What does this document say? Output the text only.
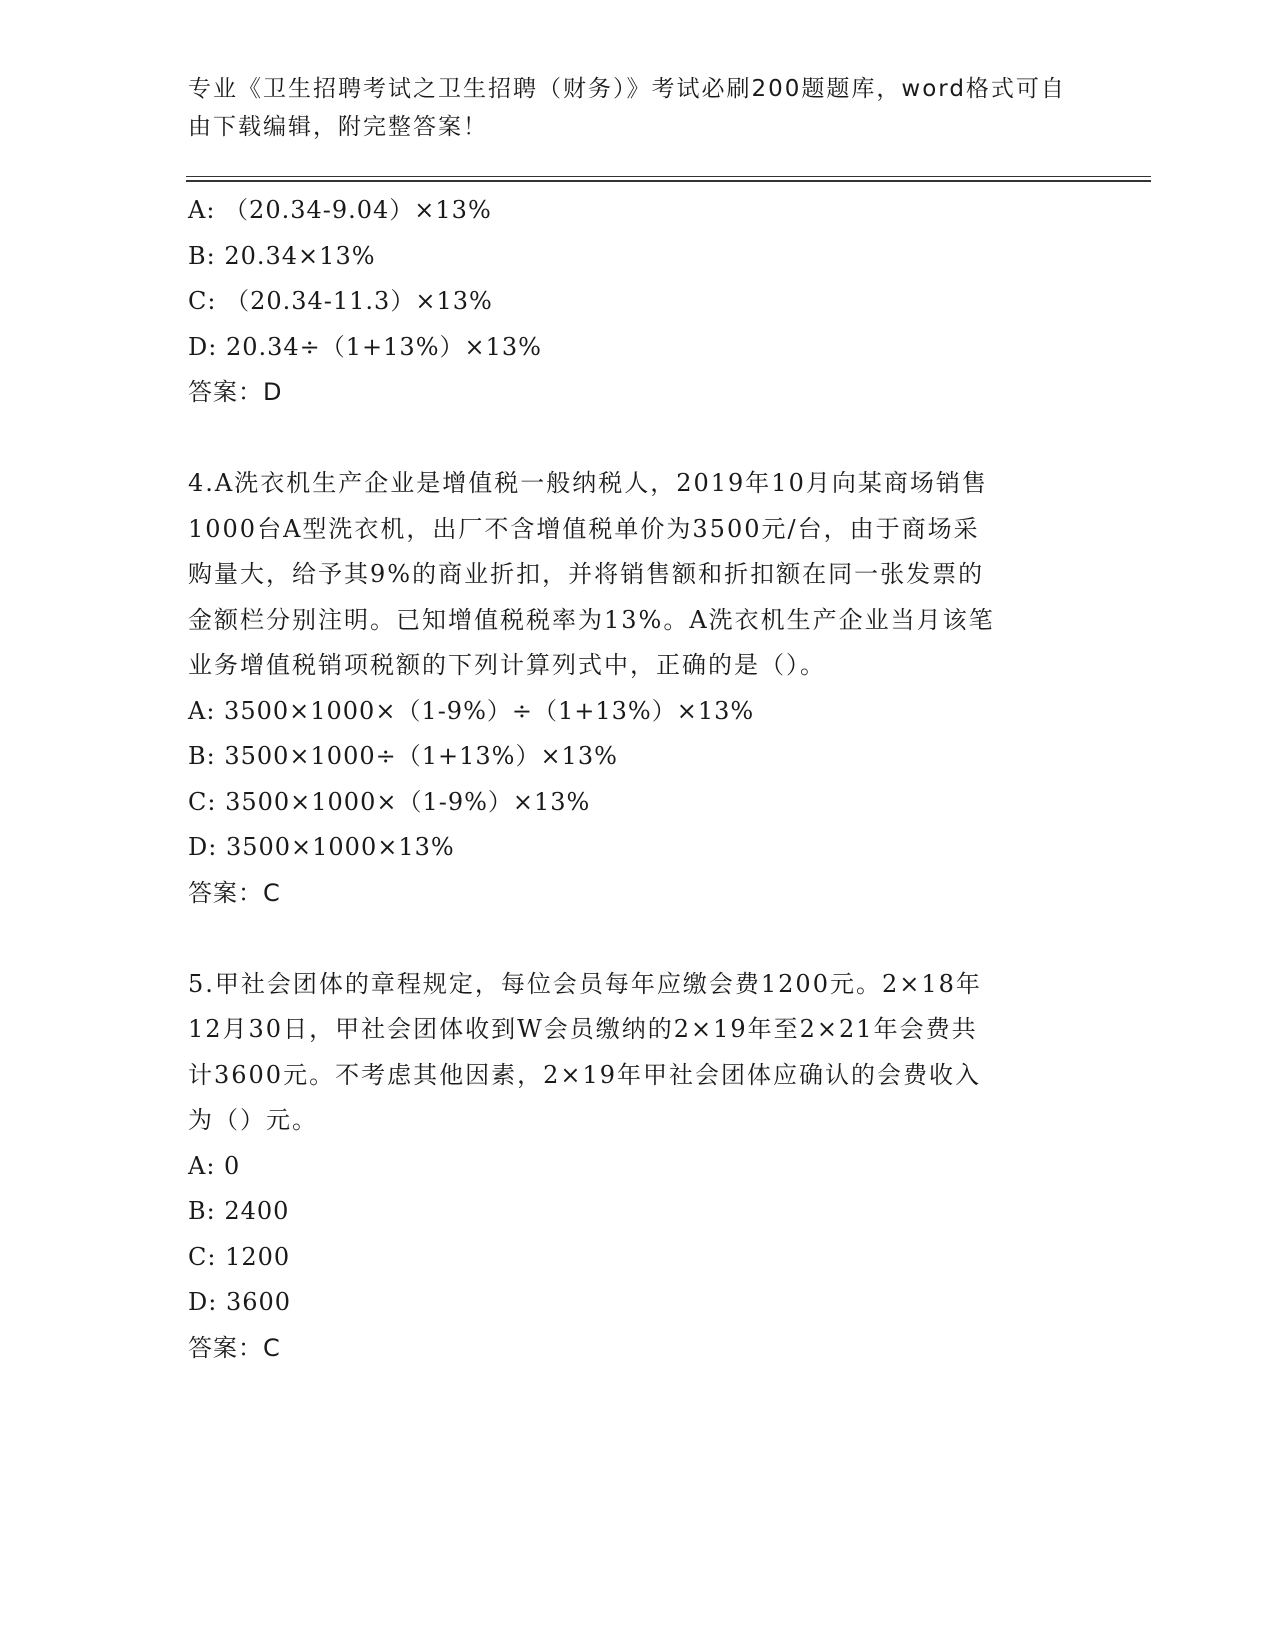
专业《卫生招聘考试之卫生招聘（财务）》考试必刷200题题库，word格式可自
由下载编辑，附完整答案！
A: （20.34-9.04）×13%
B: 20.34×13%
C: （20.34-11.3）×13%
D: 20.34÷（1+13%）×13%
答案：D
4.A洗衣机生产企业是增值税一般纳税人，2019年10月向某商场销售
1000台A型洗衣机，出厂不含增值税单价为3500元/台，由于商场采
购量大，给予其9%的商业折扣，并将销售额和折扣额在同一张发票的
金额栏分别注明。已知增值税税率为13%。A洗衣机生产企业当月该笔
业务增值税销项税额的下列计算列式中，正确的是（）。
A: 3500×1000×（1-9%）÷（1+13%）×13%
B: 3500×1000÷（1+13%）×13%
C: 3500×1000×（1-9%）×13%
D: 3500×1000×13%
答案：C
5.甲社会团体的章程规定，每位会员每年应缴会费1200元。2×18年
12月30日，甲社会团体收到W会员缴纳的2×19年至2×21年会费共
计3600元。不考虑其他因素，2×19年甲社会团体应确认的会费收入
为（）元。
A: 0
B: 2400
C: 1200
D: 3600
答案：C
